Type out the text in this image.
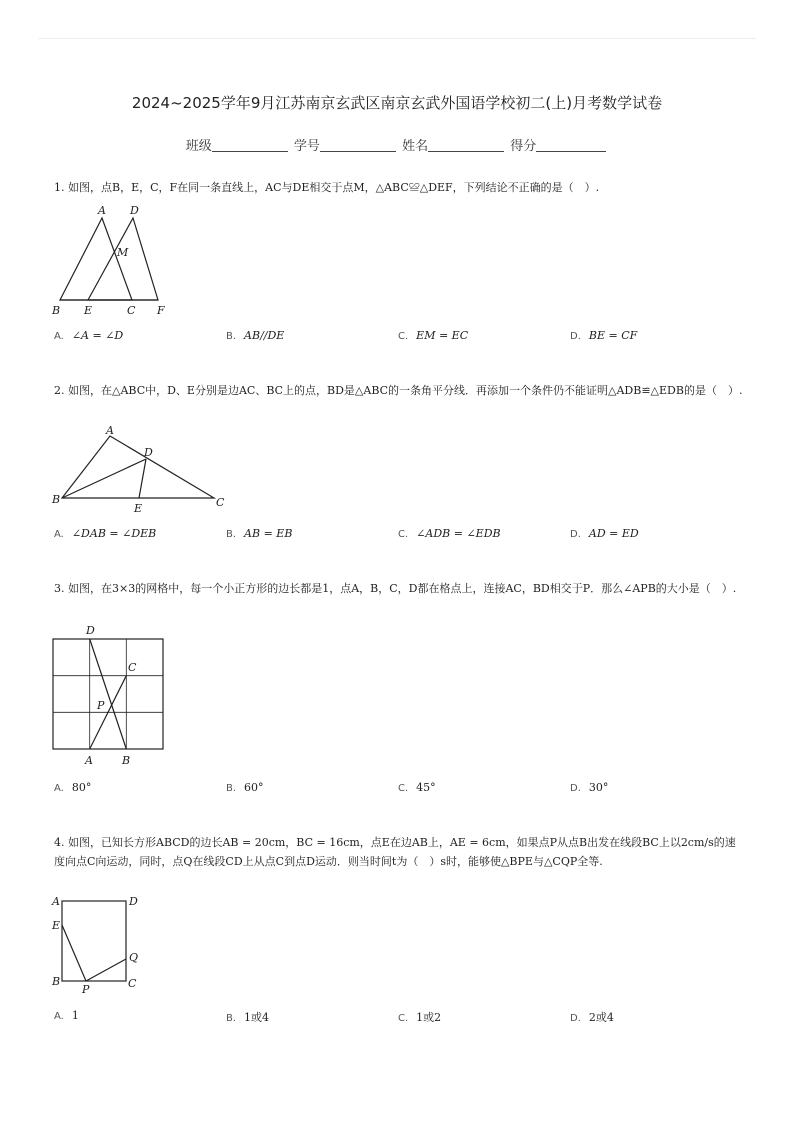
2024~2025学年9月江苏南京玄武区南京玄武外国语学校初二(上)月考数学试卷
班级	学号	姓名	得分
1. 如图，点B，E，C，F在同一条直线上，AC与DE相交于点M，△ABC≌△DEF，下列结论不正确的是（　）.
A D
M
B E	C F
A. ∠A = ∠D	B. AB//DE	C. EM = EC	D. BE = CF
2. 如图，在△ABC中，D、E分别是边AC、BC上的点，BD是△ABC的一条角平分线．再添加一个条件仍不能证明△ADB≌△EDB的是（　）.
A
D
B
E	C
A. ∠DAB = ∠DEB	B. AB = EB	C. ∠ADB = ∠EDB	D. AD = ED
3. 如图，在3×3的网格中，每一个小正方形的边长都是1，点A，B，C，D都在格点上，连接AC，BD相交于P．那么∠APB的大小是（　）.
D
C
P
A	B
A. 80°	B. 60°	C. 45°	D. 30°
4. 如图，已知长方形ABCD的边长AB = 20cm，BC = 16cm，点E在边AB上，AE = 6cm，如果点P从点B出发在线段BC上以2cm/s的速度向点C向运动，同时，点Q在线段CD上从点C到点D运动．则当时间t为（　）s时，能够使△BPE与△CQP全等.
A	D
E
Q
B
P	C
A. 1	B. 1或4	C. 1或2	D. 2或4
